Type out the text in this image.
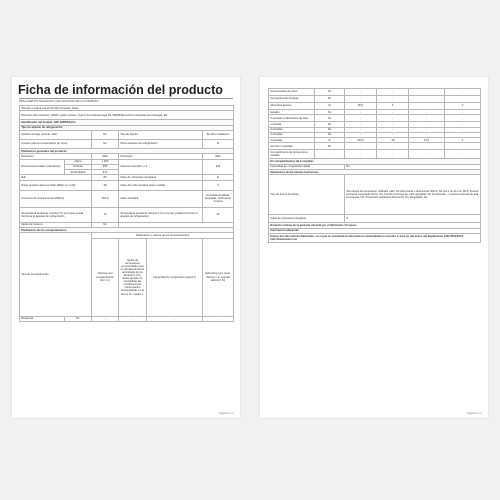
Ficha de información del producto
REGLAMENTO DELEGADO (UE) 2019/2016 DE LA COMISIÓN
Nombre o marca comercial del proveedor: Haier					
Dirección del proveedor: EPRO, public content, Carrer de la Metal-lúrgia 53, 08038 Barcelona l'Hospitalet de Llobregat, ES					
Identificador del modelo: H3F-320WTAAU1					
Tipo de aparato de refrigeración:					
Aparato de bajo nivel de ruido:		No	Tipo de diseño:		Bo libre instalación
Armario para la conservación de vinos:		No	Otros aparatos de refrigeración:		Sí
Parámetros generales del producto:					
Parámetro		Valor	Parámetro		Valor
Dimensiones totales (milímetros)	Altura	1 933	Volumen total (dm³ o l)		336
	Anchura	595			
	Profundidad	673			
IEE		80	Clase de eficiencia energética		E
Ruido acústico aéreo emitido (dB(A) re 1 pW)		38	Clase de ruido acústico aéreo emitido		C
Consumo de energía anual (kWh/a)		252,0	Clase climática:		templada ampliada, templada, subtropical, tropical
Temperatura ambiente mínima (°C) en la que puede funcionar el aparato de refrigeración		10	Temperatura ambiente máxima (°C) en la que puede funcionar el aparato de refrigeración		43
Ajuste de invierno		No			
Parámetros de los compartimentos:					
Tipo de compartimento		Parámetros y valores de los compartimentos			
		Volumen del compartimento (dm³ o l)	Ajuste de temperatura recomendado para un almacenamiento optimizado de los alimentos (°C). Estos ajustes no contradirán las condiciones de conservación contempladas en el anexo IV, cuadro 3.	Capacidad de congelación (kg/24 h)	Defrosting type (auto-defrost = A, manual defrost = M)
Despensa	No	-	-	-	-
Página 1 / 2
Conservación de vinos	No	-	-	-	-
Compartimento bodega	No	-	-	-	-
Alimentos frescos	Sí	96,0	4	-	A
Helador	No	-	-	-	-
0 estrellas o fabricación de hielo	No	-	-	-	-
1 estrella	No	-	-	-	-
2 estrellas	No	-	-	-	-
3 estrellas	No	-	-	-	-
4 estrellas	Sí	240,0	-18	15,0	A
Sección 2 estrellas	No	-	-	-	-
Compartimento de temperatura variable	-	-	-	-	-
En compartimentos de 4 estrellas:					
Capacidad de congelación rápida		No			
Parámetros de las fuentes luminosas:					
Tipo de fuente luminosa		Tecnología de iluminación utilizada: LED; No direccional o direccional: NDLS; De red o no de red: MLS; Fuente luminosa conectada (CLS): No; Fuente luminosa de color ajustable: No; Envolvente: -; Fuente luminosa de alta luminancia: No; Protección antideslumbramiento: No; Regulable: No			
Clase de eficiencia energética		G			
Duración mínima de la garantía ofrecida por el fabricante: 24 meses					
Información adicional:					
Enlace del sitio web del fabricante, en el que se encuentra la información contemplada en el punto 4, letra a), del anexo del Reglamento (UE) 2019/2019: http://www.haier.com					
Página 2 / 2
